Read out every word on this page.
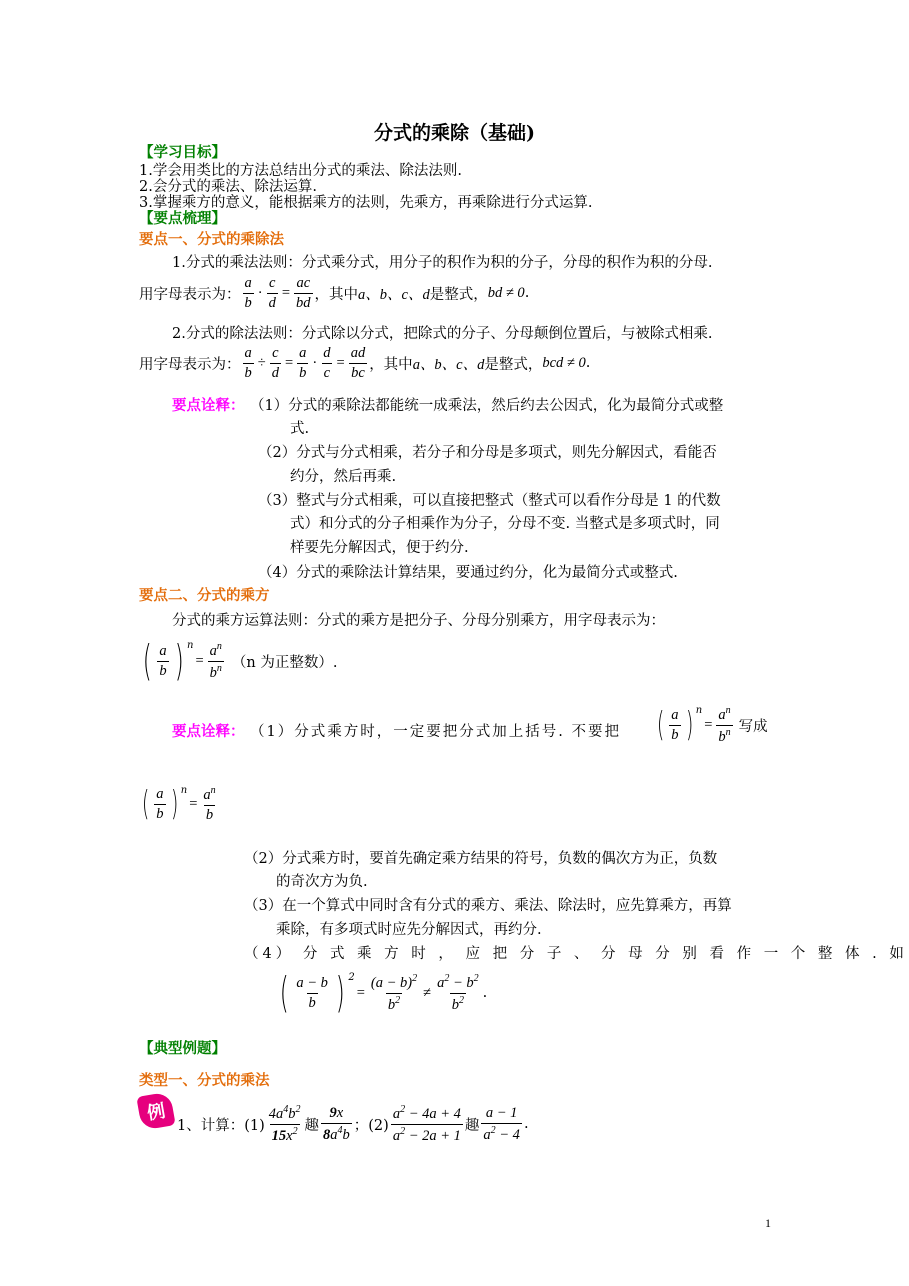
分式的乘除（基础)
【学习目标】
1.学会用类比的方法总结出分式的乘法、除法法则.
2.会分式的乘法、除法运算.
3.掌握乘方的意义，能根据乘方的法则，先乘方，再乘除进行分式运算.
【要点梳理】
要点一、分式的乘除法
1.分式的乘法法则：分式乘分式，用分子的积作为积的分子，分母的积作为积的分母.
用字母表示为： $\frac{a}{b} \cdot \frac{c}{d} = \frac{ac}{bd}$ ，其中 a、b、c、d 是整式， bd ≠ 0 .
2.分式的除法法则：分式除以分式，把除式的分子、分母颠倒位置后，与被除式相乘.
用字母表示为： $\frac{a}{b} \div \frac{c}{d} = \frac{a}{b} \cdot \frac{d}{c} = \frac{ad}{bc}$ ，其中 a、b、c、d 是整式， bcd ≠ 0 .
要点诠释： （1）分式的乘除法都能统一成乘法，然后约去公因式，化为最简分式或整
式.
（2）分式与分式相乘，若分子和分母是多项式，则先分解因式，看能否
约分，然后再乘.
（3）整式与分式相乘，可以直接把整式（整式可以看作分母是 1 的代数
式）和分式的分子相乘作为分子，分母不变. 当整式是多项式时，同
样要先分解因式，便于约分.
（4）分式的乘除法计算结果，要通过约分，化为最简分式或整式.
要点二、分式的乘方
分式的乘方运算法则：分式的乘方是把分子、分母分别乘方，用字母表示为：
( $\frac{a}{b}$ ) $^n$
= $\frac{a^n}{b^n} (n$ 为正整数）.
要点诠释： （1）分式乘方时，一定要把分式加上括号. 不要把 ( $\frac{a}{b}$ ) $^n$
= $\frac{a^n}{b^n}$ 写成
( $\frac{a}{b}$ ) $^n$
= $\frac{a^n}{b}$
（2）分式乘方时，要首先确定乘方结果的符号，负数的偶次方为正，负数
的奇次方为负.
（3）在一个算式中同时含有分式的乘方、乘法、除法时，应先算乘方，再算
乘除，有多项式时应先分解因式，再约分.
（4） 分 式 乘 方 时 ， 应 把 分 子 、 分 母 分 别 看 作 一 个 整 体 . 如
( $\frac{a - b}{b}$ ) $^2$
= $\frac{(a - b)^2}{b^2} \ne \frac{a^2 - b^2}{b^2}$ .
【典型例题】
类型一、分式的乘法
例
1、计算：$(1) \frac{4a^4b^2}{15x^2}$ 趣 $\frac{9x}{8a^4b}$ ；$(2) \frac{a^2 - 4a + 4}{a^2 - 2a + 1}$ 趣 $\frac{a - 1}{a^2 - 4}$ .
1
